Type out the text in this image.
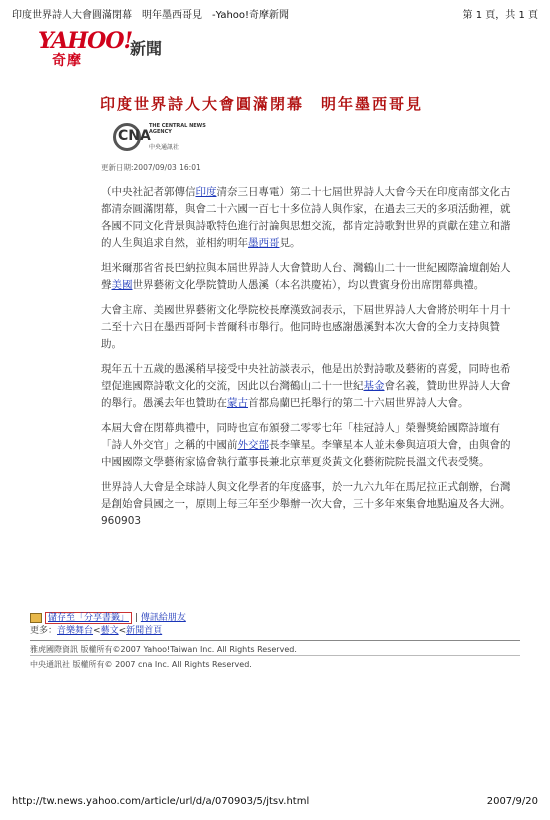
印度世界詩人大會圓滿閉幕　明年墨西哥見　-Yahoo!奇摩新聞	第 1 頁，共 1 頁
YAHOO!
奇摩
新聞
印度世界詩人大會圓滿閉幕　明年墨西哥見
CNA
THE CENTRAL NEWS AGENCY
中央通訊社
更新日期:2007/09/03 16:01

（中央社記者郭傳信印度清奈三日專電）第二十七屆世界詩人大會今天在印度南部文化古都清奈圓滿閉幕，與會二十六國一百七十多位詩人與作家，在過去三天的多項活動裡，就各國不同文化背景與詩歌特色進行討論與思想交流，都肯定詩歌對世界的貢獻在建立和諧的人生與追求自然，並相約明年墨西哥見。

坦米爾那省省長巴納拉與本屆世界詩人大會贊助人台、灣鶴山二十一世紀國際論壇創始人聲美國世界藝術文化學院贊助人愚溪（本名洪慶祐），均以貴賓身份出席閉幕典禮。

大會主席、美國世界藝術文化學院校長摩漢致詞表示，下屆世界詩人大會將於明年十月十二至十六日在墨西哥阿卡普爾科市舉行。他同時也感謝愚溪對本次大會的全力支持與贊助。

現年五十五歲的愚溪稍早接受中央社訪談表示，他是出於對詩歌及藝術的喜愛，同時也希望促進國際詩歌文化的交流，因此以台灣鶴山二十一世紀基金會名義，贊助世界詩人大會的舉行。愚溪去年也贊助在蒙古首都烏蘭巴托舉行的第二十六屆世界詩人大會。

本屆大會在閉幕典禮中，同時也宣布頒發二零零七年「桂冠詩人」榮譽獎給國際詩壇有「詩人外交官」之稱的中國前外交部長李肇星。李肇星本人並未參與這項大會，由與會的中國國際文學藝術家協會執行董事長兼北京華夏炎黃文化藝術院院長溫文代表受獎。

世界詩人大會是全球詩人與文化學者的年度盛事，於一九六九年在馬尼拉正式創辦，台灣是創始會員國之一，原則上每三年至少舉辦一次大會，三十多年來集會地點遍及各大洲。960903

儲存至「分享書籤」 | 傳訊給朋友
更多：音樂舞台<藝文<新聞首頁
雅虎國際資訊 版權所有©2007 Yahoo!Taiwan Inc. All Rights Reserved.
中央通訊社 版權所有© 2007 cna Inc. All Rights Reserved.
http://tw.news.yahoo.com/article/url/d/a/070903/5/jtsv.html	2007/9/20
